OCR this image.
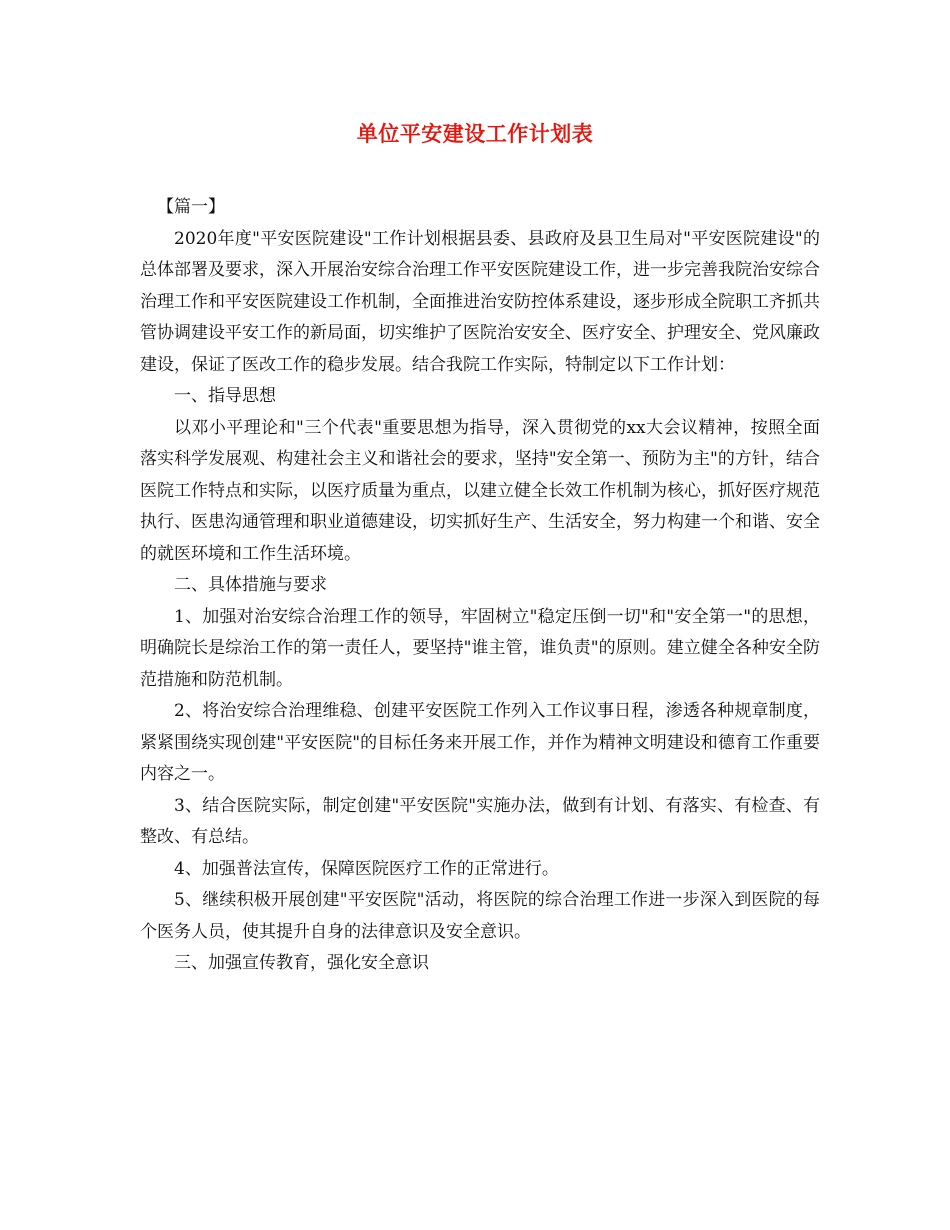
单位平安建设工作计划表

【篇一】

2020年度"平安医院建设"工作计划根据县委、县政府及县卫生局对"平安医院建设"的总体部署及要求，深入开展治安综合治理工作平安医院建设工作，进一步完善我院治安综合治理工作和平安医院建设工作机制，全面推进治安防控体系建设，逐步形成全院职工齐抓共管协调建设平安工作的新局面，切实维护了医院治安安全、医疗安全、护理安全、党风廉政建设，保证了医改工作的稳步发展。结合我院工作实际，特制定以下工作计划：

一、指导思想

以邓小平理论和"三个代表"重要思想为指导，深入贯彻党的xx大会议精神，按照全面落实科学发展观、构建社会主义和谐社会的要求，坚持"安全第一、预防为主"的方针，结合医院工作特点和实际，以医疗质量为重点，以建立健全长效工作机制为核心，抓好医疗规范执行、医患沟通管理和职业道德建设，切实抓好生产、生活安全，努力构建一个和谐、安全的就医环境和工作生活环境。

二、具体措施与要求

1、加强对治安综合治理工作的领导，牢固树立"稳定压倒一切"和"安全第一"的思想，明确院长是综治工作的第一责任人，要坚持"谁主管，谁负责"的原则。建立健全各种安全防范措施和防范机制。

2、将治安综合治理维稳、创建平安医院工作列入工作议事日程，渗透各种规章制度，紧紧围绕实现创建"平安医院"的目标任务来开展工作，并作为精神文明建设和德育工作重要内容之一。

3、结合医院实际，制定创建"平安医院"实施办法，做到有计划、有落实、有检查、有整改、有总结。

4、加强普法宣传，保障医院医疗工作的正常进行。

5、继续积极开展创建"平安医院"活动，将医院的综合治理工作进一步深入到医院的每个医务人员，使其提升自身的法律意识及安全意识。

三、加强宣传教育，强化安全意识
